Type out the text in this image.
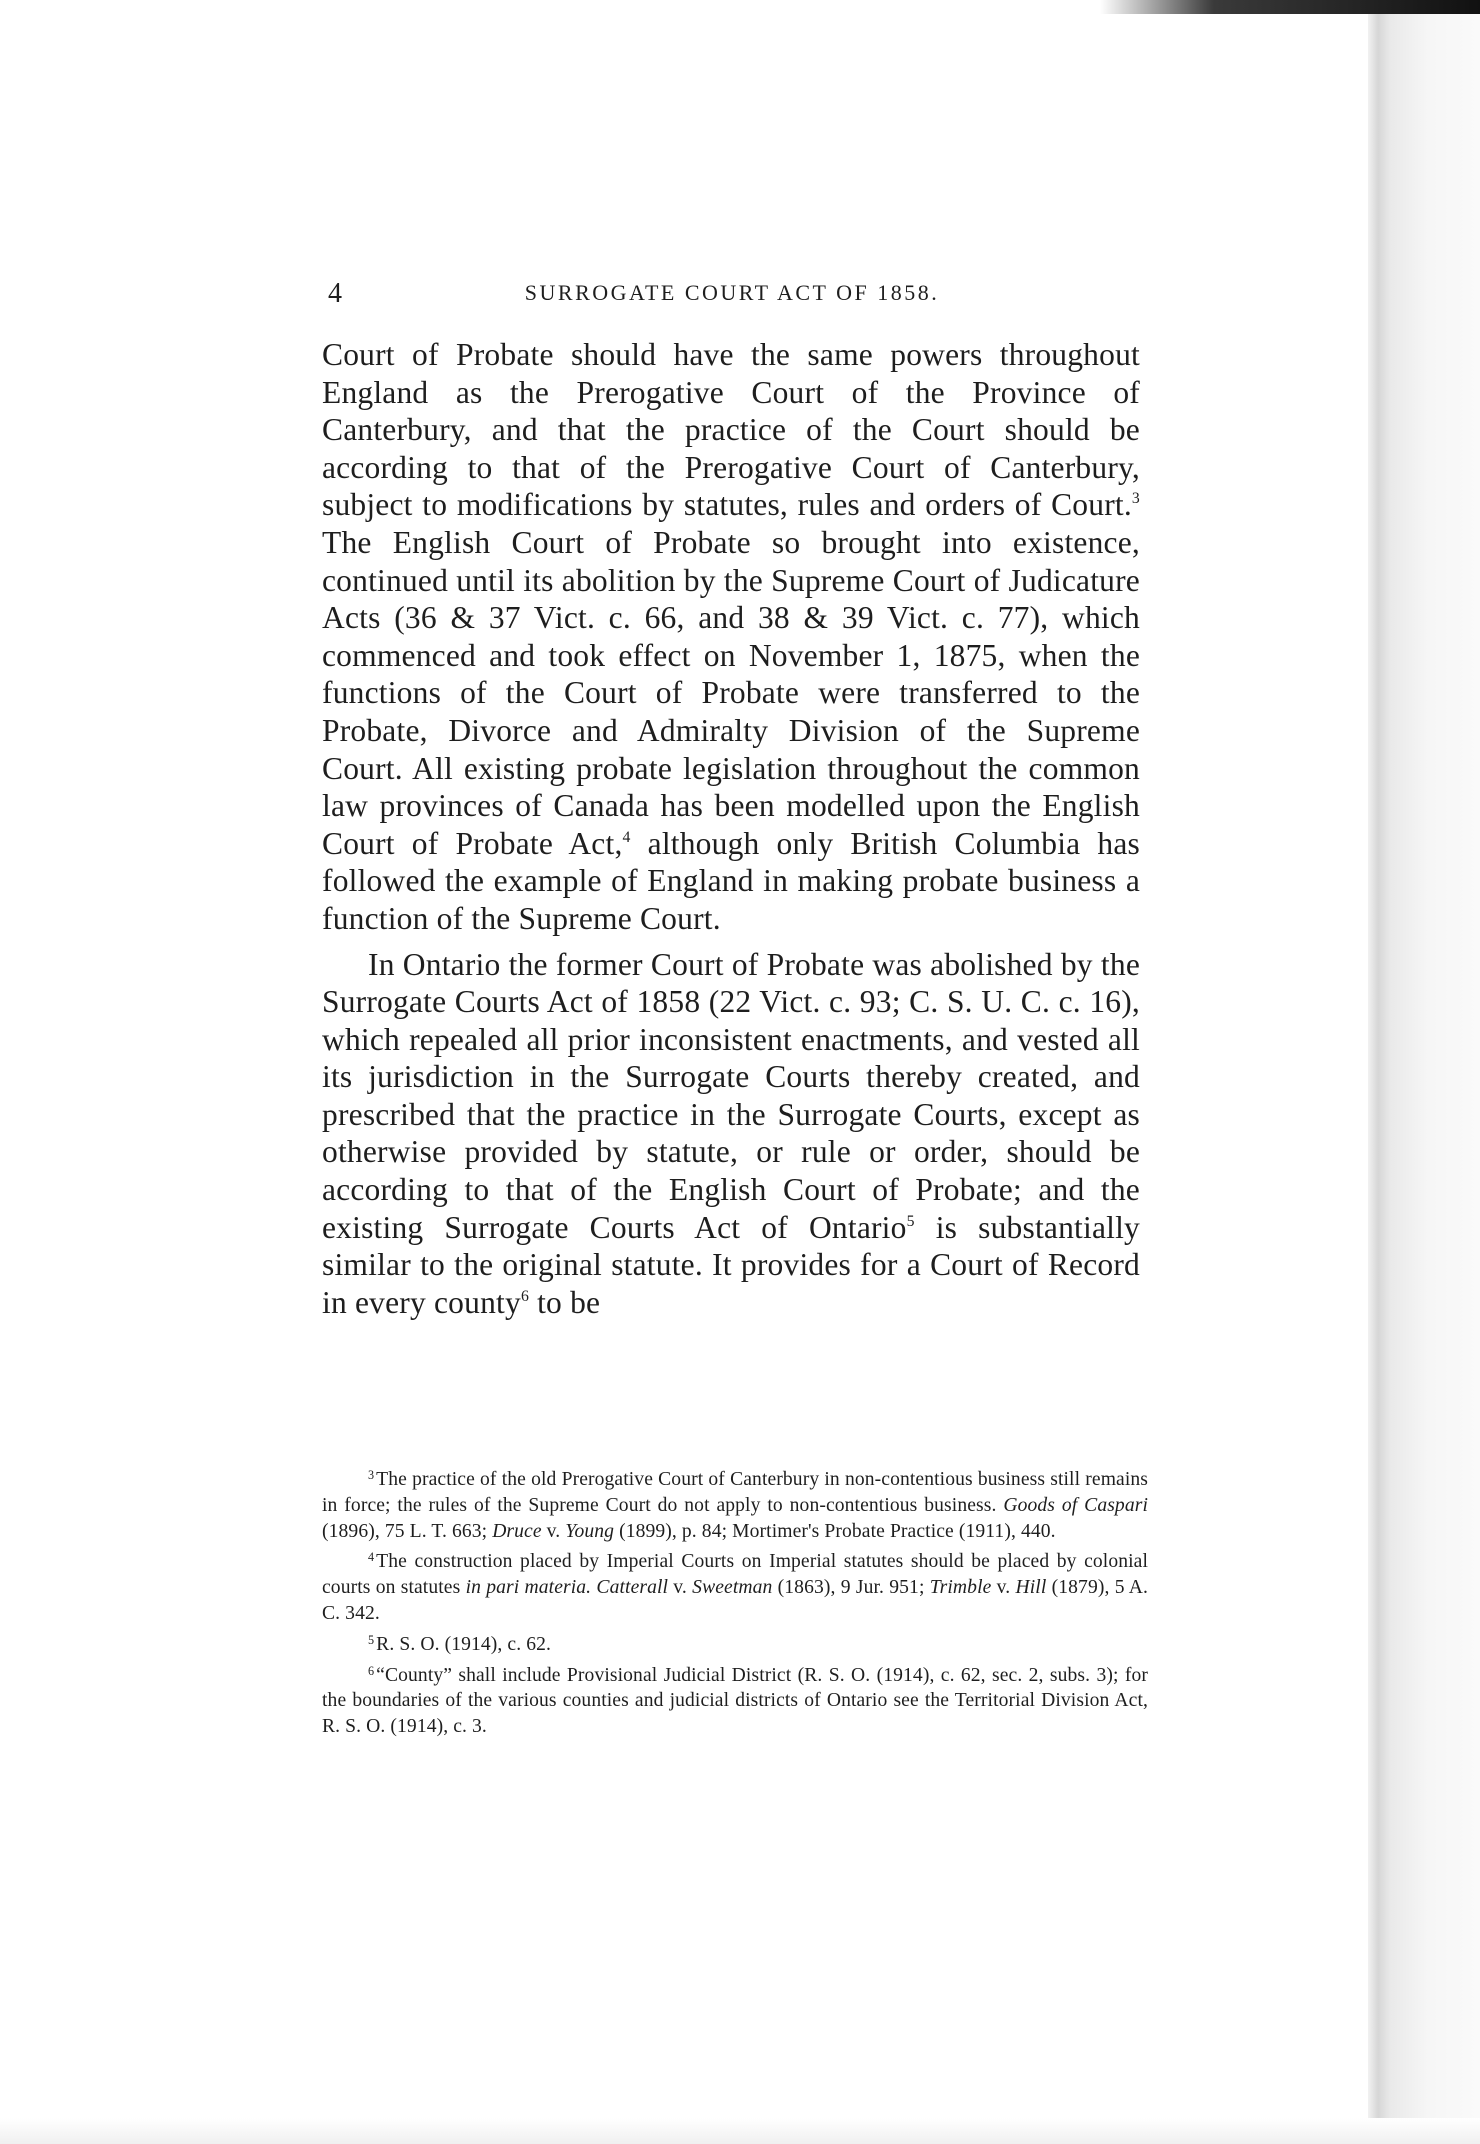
4	SURROGATE COURT ACT OF 1858.

Court of Probate should have the same powers throughout England as the Prerogative Court of the Province of Canterbury, and that the practice of the Court should be according to that of the Prerogative Court of Canterbury, subject to modifications by statutes, rules and orders of Court.$^3$ The English Court of Probate so brought into existence, continued until its abolition by the Supreme Court of Judicature Acts (36 & 37 Vict. c. 66, and 38 & 39 Vict. c. 77), which commenced and took effect on November 1, 1875, when the functions of the Court of Probate were transferred to the Probate, Divorce and Admiralty Division of the Supreme Court. All existing probate legislation throughout the common law provinces of Canada has been modelled upon the English Court of Probate Act,$^4$ although only British Columbia has followed the example of England in making probate business a function of the Supreme Court.

In Ontario the former Court of Probate was abolished by the Surrogate Courts Act of 1858 (22 Vict. c. 93; C. S. U. C. c. 16), which repealed all prior inconsistent enactments, and vested all its jurisdiction in the Surrogate Courts thereby created, and prescribed that the practice in the Surrogate Courts, except as otherwise provided by statute, or rule or order, should be according to that of the English Court of Probate; and the existing Surrogate Courts Act of Ontario$^5$ is substantially similar to the original statute. It provides for a Court of Record in every county$^6$ to be

$^3$ The practice of the old Prerogative Court of Canterbury in non-contentious business still remains in force; the rules of the Supreme Court do not apply to non-contentious business. Goods of Caspari (1896), 75 L. T. 663; Druce v. Young (1899), p. 84; Mortimer's Probate Practice (1911), 440.

$^4$ The construction placed by Imperial Courts on Imperial statutes should be placed by colonial courts on statutes in pari materia. Catterall v. Sweetman (1863), 9 Jur. 951; Trimble v. Hill (1879), 5 A. C. 342.

$^5$ R. S. O. (1914), c. 62.

$^6$ “County” shall include Provisional Judicial District (R. S. O. (1914), c. 62, sec. 2, subs. 3); for the boundaries of the various counties and judicial districts of Ontario see the Territorial Division Act, R. S. O. (1914), c. 3.
